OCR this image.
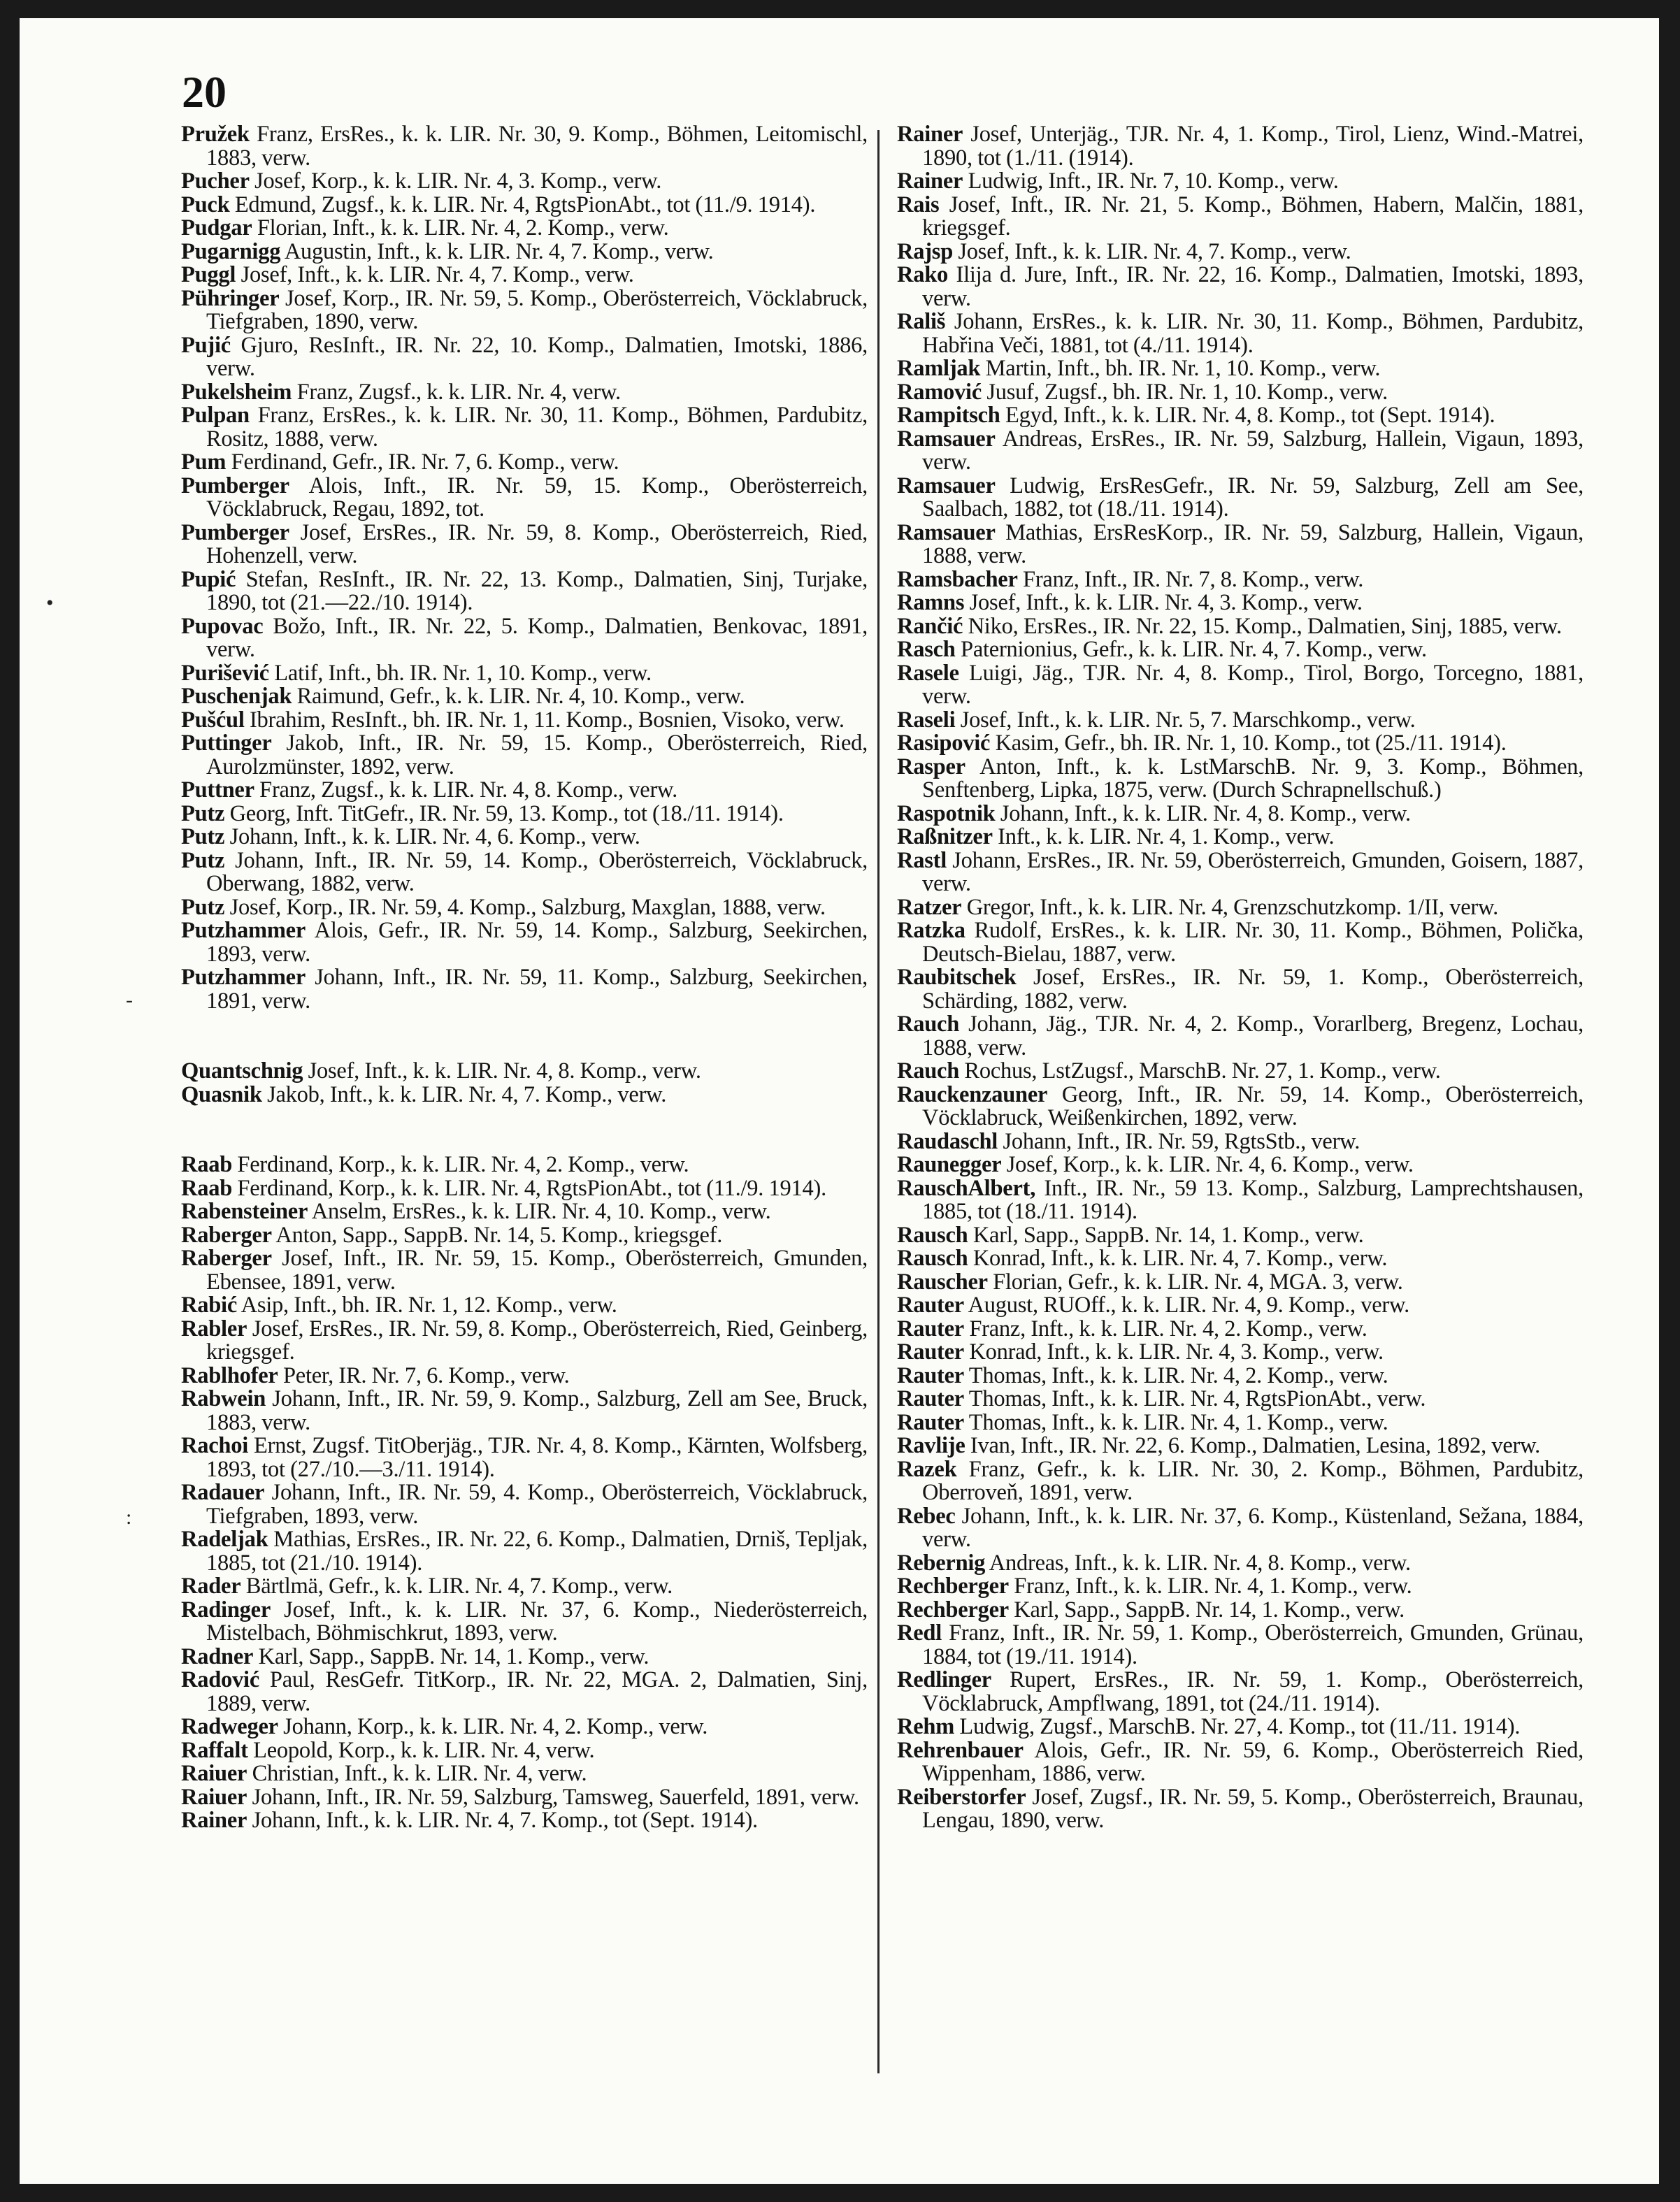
20

Pružek Franz, ErsRes., k. k. LIR. Nr. 30, 9. Komp., Böhmen, Leitomischl, 1883, verw.

Pucher Josef, Korp., k. k. LIR. Nr. 4, 3. Komp., verw.

Puck Edmund, Zugsf., k. k. LIR. Nr. 4, RgtsPionAbt., tot (11./9. 1914).

Pudgar Florian, Inft., k. k. LIR. Nr. 4, 2. Komp., verw.

Pugarnigg Augustin, Inft., k. k. LIR. Nr. 4, 7. Komp., verw.

Puggl Josef, Inft., k. k. LIR. Nr. 4, 7. Komp., verw.

Pühringer Josef, Korp., IR. Nr. 59, 5. Komp., Oberösterreich, Vöcklabruck, Tiefgraben, 1890, verw.

Pujić Gjuro, ResInft., IR. Nr. 22, 10. Komp., Dalmatien, Imotski, 1886, verw.

Pukelsheim Franz, Zugsf., k. k. LIR. Nr. 4, verw.

Pulpan Franz, ErsRes., k. k. LIR. Nr. 30, 11. Komp., Böhmen, Pardubitz, Rositz, 1888, verw.

Pum Ferdinand, Gefr., IR. Nr. 7, 6. Komp., verw.

Pumberger Alois, Inft., IR. Nr. 59, 15. Komp., Oberösterreich, Vöcklabruck, Regau, 1892, tot.

Pumberger Josef, ErsRes., IR. Nr. 59, 8. Komp., Oberösterreich, Ried, Hohenzell, verw.

Pupić Stefan, ResInft., IR. Nr. 22, 13. Komp., Dalmatien, Sinj, Turjake, 1890, tot (21.—22./10. 1914).

Pupovac Božo, Inft., IR. Nr. 22, 5. Komp., Dalmatien, Benkovac, 1891, verw.

Purišević Latif, Inft., bh. IR. Nr. 1, 10. Komp., verw.

Puschenjak Raimund, Gefr., k. k. LIR. Nr. 4, 10. Komp., verw.

Pušćul Ibrahim, ResInft., bh. IR. Nr. 1, 11. Komp., Bosnien, Visoko, verw.

Puttinger Jakob, Inft., IR. Nr. 59, 15. Komp., Oberösterreich, Ried, Aurolzmünster, 1892, verw.

Puttner Franz, Zugsf., k. k. LIR. Nr. 4, 8. Komp., verw.

Putz Georg, Inft. TitGefr., IR. Nr. 59, 13. Komp., tot (18./11. 1914).

Putz Johann, Inft., k. k. LIR. Nr. 4, 6. Komp., verw.

Putz Johann, Inft., IR. Nr. 59, 14. Komp., Oberösterreich, Vöcklabruck, Oberwang, 1882, verw.

Putz Josef, Korp., IR. Nr. 59, 4. Komp., Salzburg, Maxglan, 1888, verw.

Putzhammer Alois, Gefr., IR. Nr. 59, 14. Komp., Salzburg, Seekirchen, 1893, verw.

Putzhammer Johann, Inft., IR. Nr. 59, 11. Komp., Salzburg, Seekirchen, 1891, verw.

Quantschnig Josef, Inft., k. k. LIR. Nr. 4, 8. Komp., verw.

Quasnik Jakob, Inft., k. k. LIR. Nr. 4, 7. Komp., verw.

Raab Ferdinand, Korp., k. k. LIR. Nr. 4, 2. Komp., verw.

Raab Ferdinand, Korp., k. k. LIR. Nr. 4, RgtsPionAbt., tot (11./9. 1914).

Rabensteiner Anselm, ErsRes., k. k. LIR. Nr. 4, 10. Komp., verw.

Raberger Anton, Sapp., SappB. Nr. 14, 5. Komp., kriegsgef.

Raberger Josef, Inft., IR. Nr. 59, 15. Komp., Oberösterreich, Gmunden, Ebensee, 1891, verw.

Rabić Asip, Inft., bh. IR. Nr. 1, 12. Komp., verw.

Rabler Josef, ErsRes., IR. Nr. 59, 8. Komp., Oberösterreich, Ried, Geinberg, kriegsgef.

Rablhofer Peter, IR. Nr. 7, 6. Komp., verw.

Rabwein Johann, Inft., IR. Nr. 59, 9. Komp., Salzburg, Zell am See, Bruck, 1883, verw.

Rachoi Ernst, Zugsf. TitOberjäg., TJR. Nr. 4, 8. Komp., Kärnten, Wolfsberg, 1893, tot (27./10.—3./11. 1914).

Radauer Johann, Inft., IR. Nr. 59, 4. Komp., Oberösterreich, Vöcklabruck, Tiefgraben, 1893, verw.

Radeljak Mathias, ErsRes., IR. Nr. 22, 6. Komp., Dalmatien, Drniš, Tepljak, 1885, tot (21./10. 1914).

Rader Bärtlmä, Gefr., k. k. LIR. Nr. 4, 7. Komp., verw.

Radinger Josef, Inft., k. k. LIR. Nr. 37, 6. Komp., Niederösterreich, Mistelbach, Böhmischkrut, 1893, verw.

Radner Karl, Sapp., SappB. Nr. 14, 1. Komp., verw.

Radović Paul, ResGefr. TitKorp., IR. Nr. 22, MGA. 2, Dalmatien, Sinj, 1889, verw.

Radweger Johann, Korp., k. k. LIR. Nr. 4, 2. Komp., verw.

Raffalt Leopold, Korp., k. k. LIR. Nr. 4, verw.

Raiuer Christian, Inft., k. k. LIR. Nr. 4, verw.

Raiuer Johann, Inft., IR. Nr. 59, Salzburg, Tamsweg, Sauerfeld, 1891, verw.

Rainer Johann, Inft., k. k. LIR. Nr. 4, 7. Komp., tot (Sept. 1914).

Rainer Josef, Unterjäg., TJR. Nr. 4, 1. Komp., Tirol, Lienz, Wind.-Matrei, 1890, tot (1./11. (1914).

Rainer Ludwig, Inft., IR. Nr. 7, 10. Komp., verw.

Rais Josef, Inft., IR. Nr. 21, 5. Komp., Böhmen, Habern, Malčin, 1881, kriegsgef.

Rajsp Josef, Inft., k. k. LIR. Nr. 4, 7. Komp., verw.

Rako Ilija d. Jure, Inft., IR. Nr. 22, 16. Komp., Dalmatien, Imotski, 1893, verw.

Rališ Johann, ErsRes., k. k. LIR. Nr. 30, 11. Komp., Böhmen, Pardubitz, Habřina Veči, 1881, tot (4./11. 1914).

Ramljak Martin, Inft., bh. IR. Nr. 1, 10. Komp., verw.

Ramović Jusuf, Zugsf., bh. IR. Nr. 1, 10. Komp., verw.

Rampitsch Egyd, Inft., k. k. LIR. Nr. 4, 8. Komp., tot (Sept. 1914).

Ramsauer Andreas, ErsRes., IR. Nr. 59, Salzburg, Hallein, Vigaun, 1893, verw.

Ramsauer Ludwig, ErsResGefr., IR. Nr. 59, Salzburg, Zell am See, Saalbach, 1882, tot (18./11. 1914).

Ramsauer Mathias, ErsResKorp., IR. Nr. 59, Salzburg, Hallein, Vigaun, 1888, verw.

Ramsbacher Franz, Inft., IR. Nr. 7, 8. Komp., verw.

Ramns Josef, Inft., k. k. LIR. Nr. 4, 3. Komp., verw.

Rančić Niko, ErsRes., IR. Nr. 22, 15. Komp., Dalmatien, Sinj, 1885, verw.

Rasch Paternionius, Gefr., k. k. LIR. Nr. 4, 7. Komp., verw.

Rasele Luigi, Jäg., TJR. Nr. 4, 8. Komp., Tirol, Borgo, Torcegno, 1881, verw.

Raseli Josef, Inft., k. k. LIR. Nr. 5, 7. Marschkomp., verw.

Rasipović Kasim, Gefr., bh. IR. Nr. 1, 10. Komp., tot (25./11. 1914).

Rasper Anton, Inft., k. k. LstMarschB. Nr. 9, 3. Komp., Böhmen, Senftenberg, Lipka, 1875, verw. (Durch Schrapnellschuß.)

Raspotnik Johann, Inft., k. k. LIR. Nr. 4, 8. Komp., verw.

Raßnitzer Inft., k. k. LIR. Nr. 4, 1. Komp., verw.

Rastl Johann, ErsRes., IR. Nr. 59, Oberösterreich, Gmunden, Goisern, 1887, verw.

Ratzer Gregor, Inft., k. k. LIR. Nr. 4, Grenzschutzkomp. 1/II, verw.

Ratzka Rudolf, ErsRes., k. k. LIR. Nr. 30, 11. Komp., Böhmen, Polička, Deutsch-Bielau, 1887, verw.

Raubitschek Josef, ErsRes., IR. Nr. 59, 1. Komp., Oberösterreich, Schärding, 1882, verw.

Rauch Johann, Jäg., TJR. Nr. 4, 2. Komp., Vorarlberg, Bregenz, Lochau, 1888, verw.

Rauch Rochus, LstZugsf., MarschB. Nr. 27, 1. Komp., verw.

Rauckenzauner Georg, Inft., IR. Nr. 59, 14. Komp., Oberösterreich, Vöcklabruck, Weißenkirchen, 1892, verw.

Raudaschl Johann, Inft., IR. Nr. 59, RgtsStb., verw.

Raunegger Josef, Korp., k. k. LIR. Nr. 4, 6. Komp., verw.

RauschAlbert, Inft., IR. Nr., 59 13. Komp., Salzburg, Lamprechtshausen, 1885, tot (18./11. 1914).

Rausch Karl, Sapp., SappB. Nr. 14, 1. Komp., verw.

Rausch Konrad, Inft., k. k. LIR. Nr. 4, 7. Komp., verw.

Rauscher Florian, Gefr., k. k. LIR. Nr. 4, MGA. 3, verw.

Rauter August, RUOff., k. k. LIR. Nr. 4, 9. Komp., verw.

Rauter Franz, Inft., k. k. LIR. Nr. 4, 2. Komp., verw.

Rauter Konrad, Inft., k. k. LIR. Nr. 4, 3. Komp., verw.

Rauter Thomas, Inft., k. k. LIR. Nr. 4, 2. Komp., verw.

Rauter Thomas, Inft., k. k. LIR. Nr. 4, RgtsPionAbt., verw.

Rauter Thomas, Inft., k. k. LIR. Nr. 4, 1. Komp., verw.

Ravlije Ivan, Inft., IR. Nr. 22, 6. Komp., Dalmatien, Lesina, 1892, verw.

Razek Franz, Gefr., k. k. LIR. Nr. 30, 2. Komp., Böhmen, Pardubitz, Oberroveň, 1891, verw.

Rebec Johann, Inft., k. k. LIR. Nr. 37, 6. Komp., Küstenland, Sežana, 1884, verw.

Rebernig Andreas, Inft., k. k. LIR. Nr. 4, 8. Komp., verw.

Rechberger Franz, Inft., k. k. LIR. Nr. 4, 1. Komp., verw.

Rechberger Karl, Sapp., SappB. Nr. 14, 1. Komp., verw.

Redl Franz, Inft., IR. Nr. 59, 1. Komp., Oberösterreich, Gmunden, Grünau, 1884, tot (19./11. 1914).

Redlinger Rupert, ErsRes., IR. Nr. 59, 1. Komp., Oberösterreich, Vöcklabruck, Ampflwang, 1891, tot (24./11. 1914).

Rehm Ludwig, Zugsf., MarschB. Nr. 27, 4. Komp., tot (11./11. 1914).

Rehrenbauer Alois, Gefr., IR. Nr. 59, 6. Komp., Oberösterreich Ried, Wippenham, 1886, verw.

Reiberstorfer Josef, Zugsf., IR. Nr. 59, 5. Komp., Oberösterreich, Braunau, Lengau, 1890, verw.

•
-
:
